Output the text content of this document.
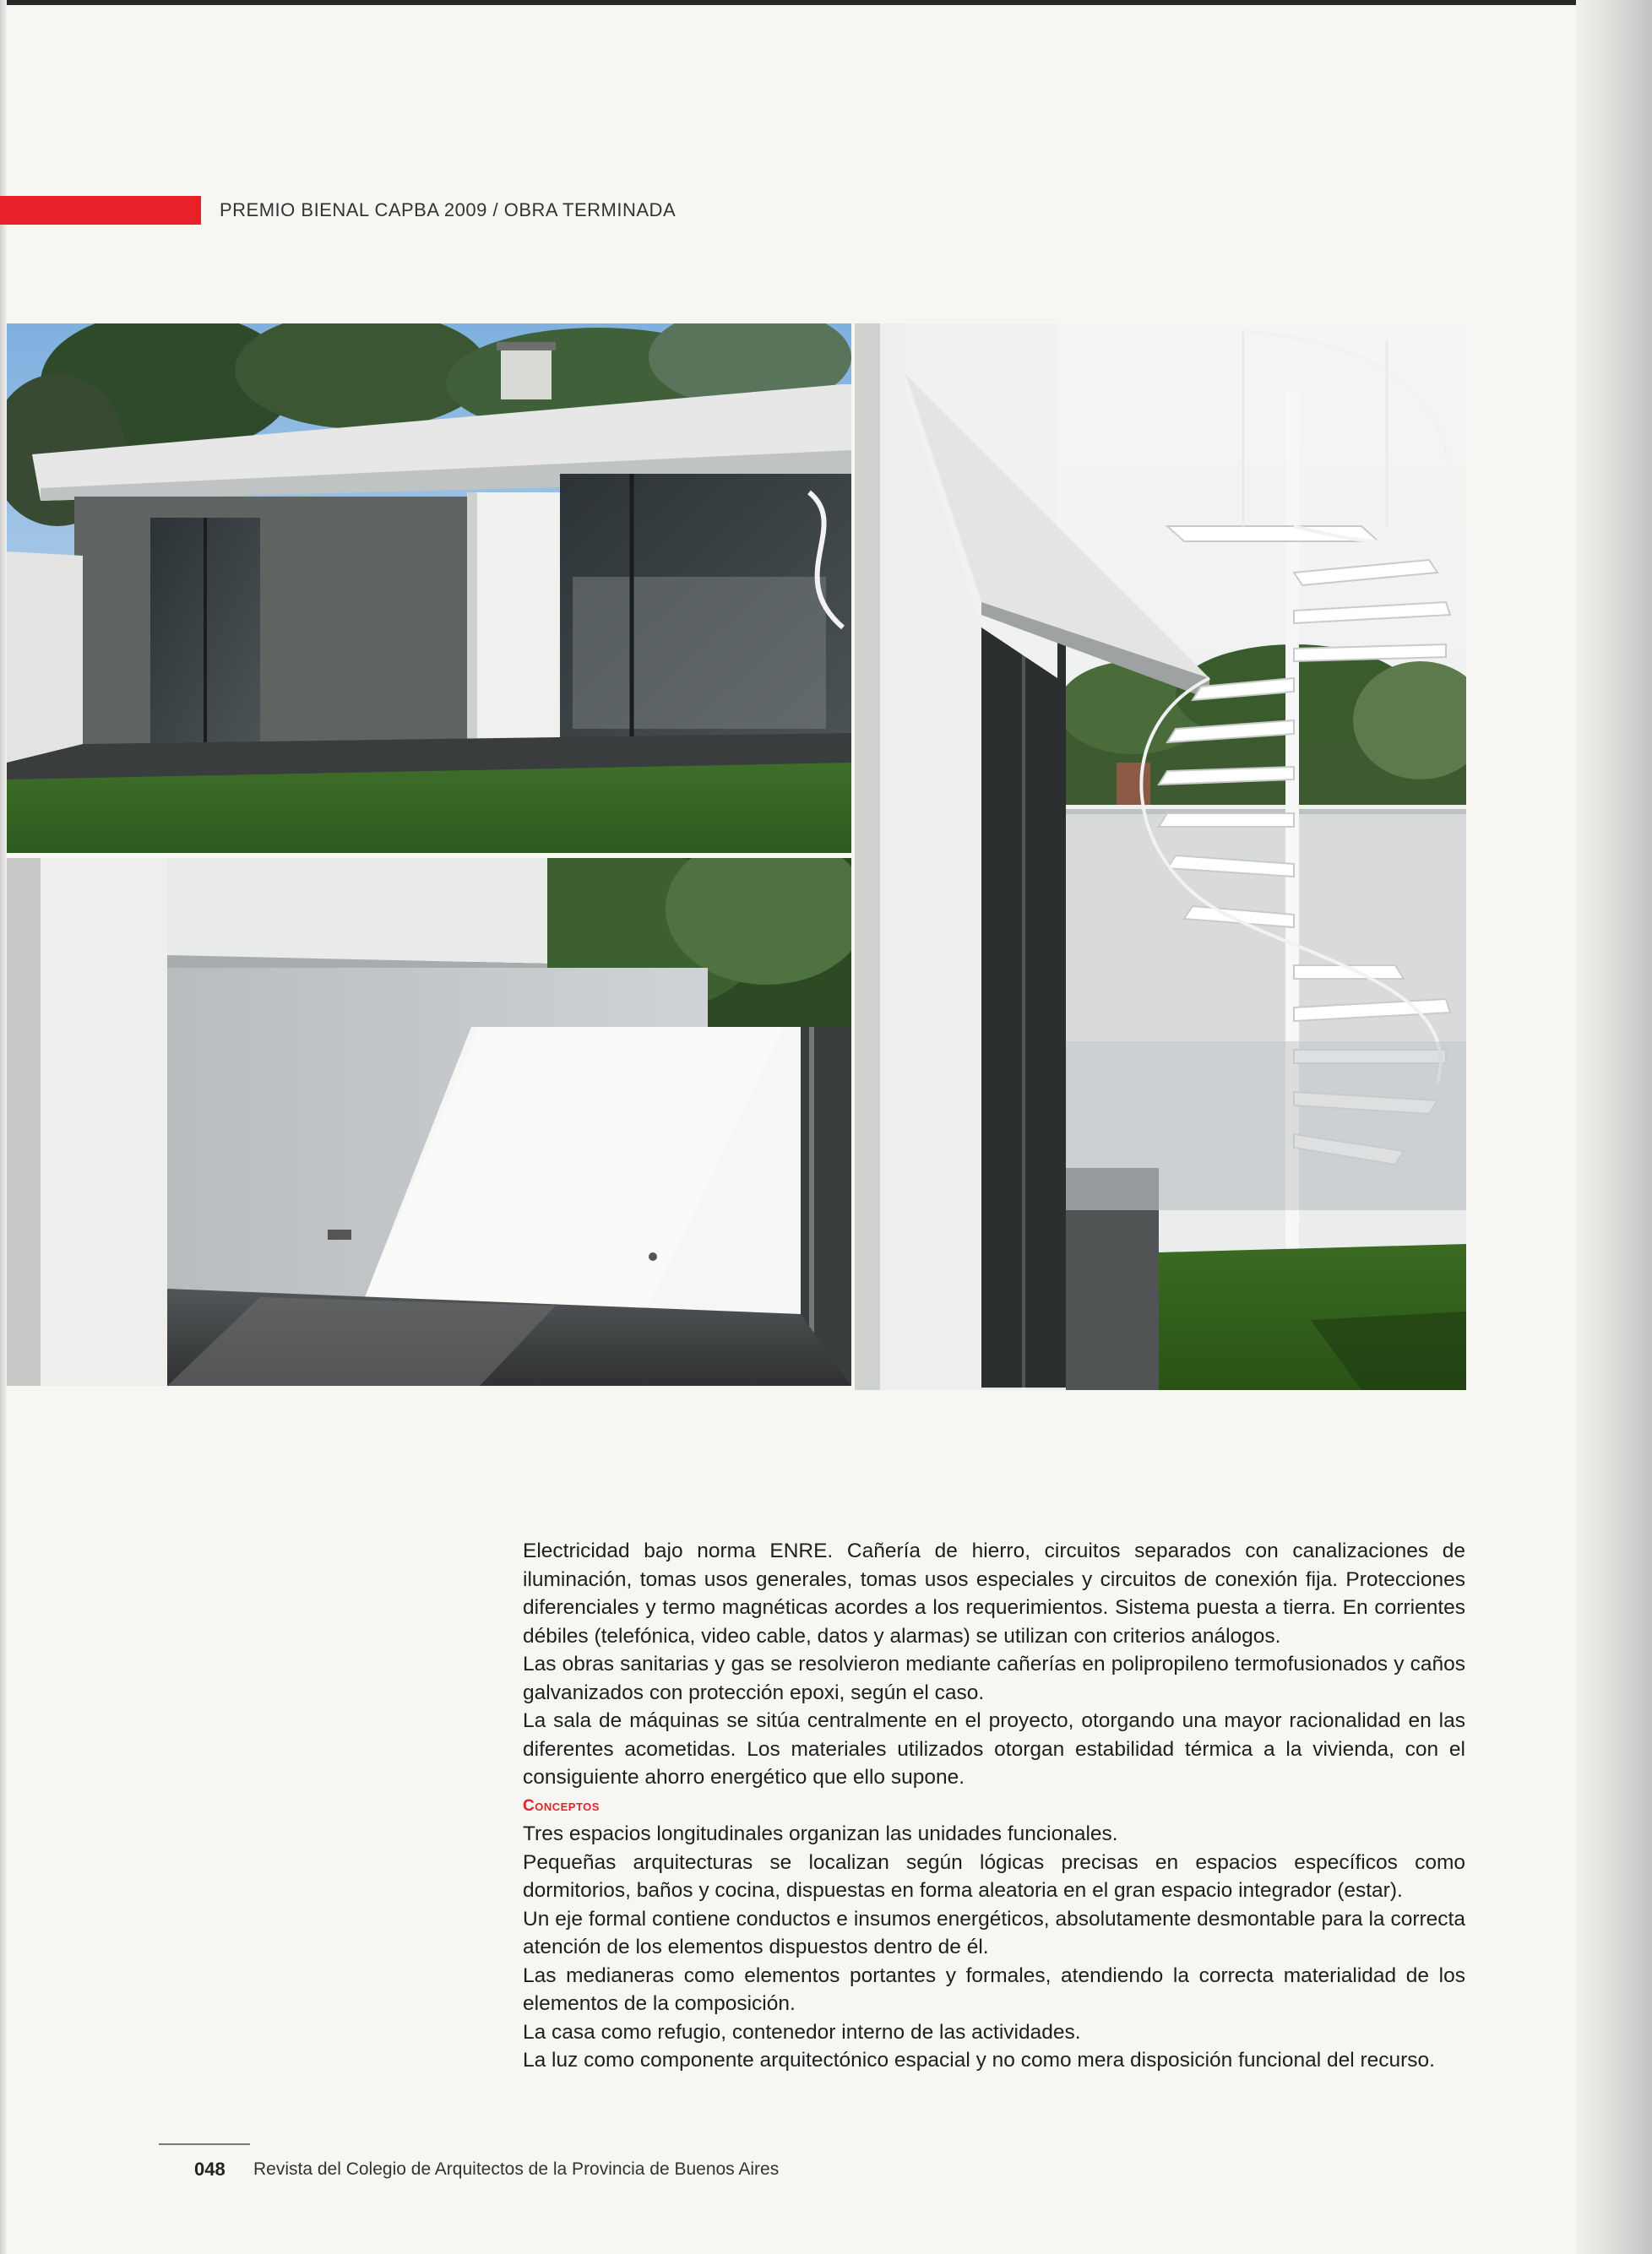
PREMIO BIENAL CAPBA 2009 / OBRA TERMINADA

Electricidad bajo norma ENRE. Cañería de hierro, circuitos separados con canalizaciones de iluminación, tomas usos generales, tomas usos especiales y circuitos de conexión fija. Protecciones diferenciales y termo magnéticas acordes a los requerimientos. Sistema puesta a tierra. En corrientes débiles (telefónica, video cable, datos y alarmas) se utilizan con criterios análogos.

Las obras sanitarias y gas se resolvieron mediante cañerías en polipropileno termofusionados y caños galvanizados con protección epoxi, según el caso.

La sala de máquinas se sitúa centralmente en el proyecto, otorgando una mayor racionalidad en las diferentes acometidas. Los materiales utilizados otorgan estabilidad térmica a la vivienda, con el consiguiente ahorro energético que ello supone.

Conceptos

Tres espacios longitudinales organizan las unidades funcionales.

Pequeñas arquitecturas se localizan según lógicas precisas en espacios específicos como dormitorios, baños y cocina, dispuestas en forma aleatoria en el gran espacio integrador (estar).

Un eje formal contiene conductos e insumos energéticos, absolutamente desmontable para la correcta atención de los elementos dispuestos dentro de él.

Las medianeras como elementos portantes y formales, atendiendo la correcta materialidad de los elementos de la composición.

La casa como refugio, contenedor interno de las actividades.

La luz como componente arquitectónico espacial y no como mera disposición funcional del recurso.

048 Revista del Colegio de Arquitectos de la Provincia de Buenos Aires
